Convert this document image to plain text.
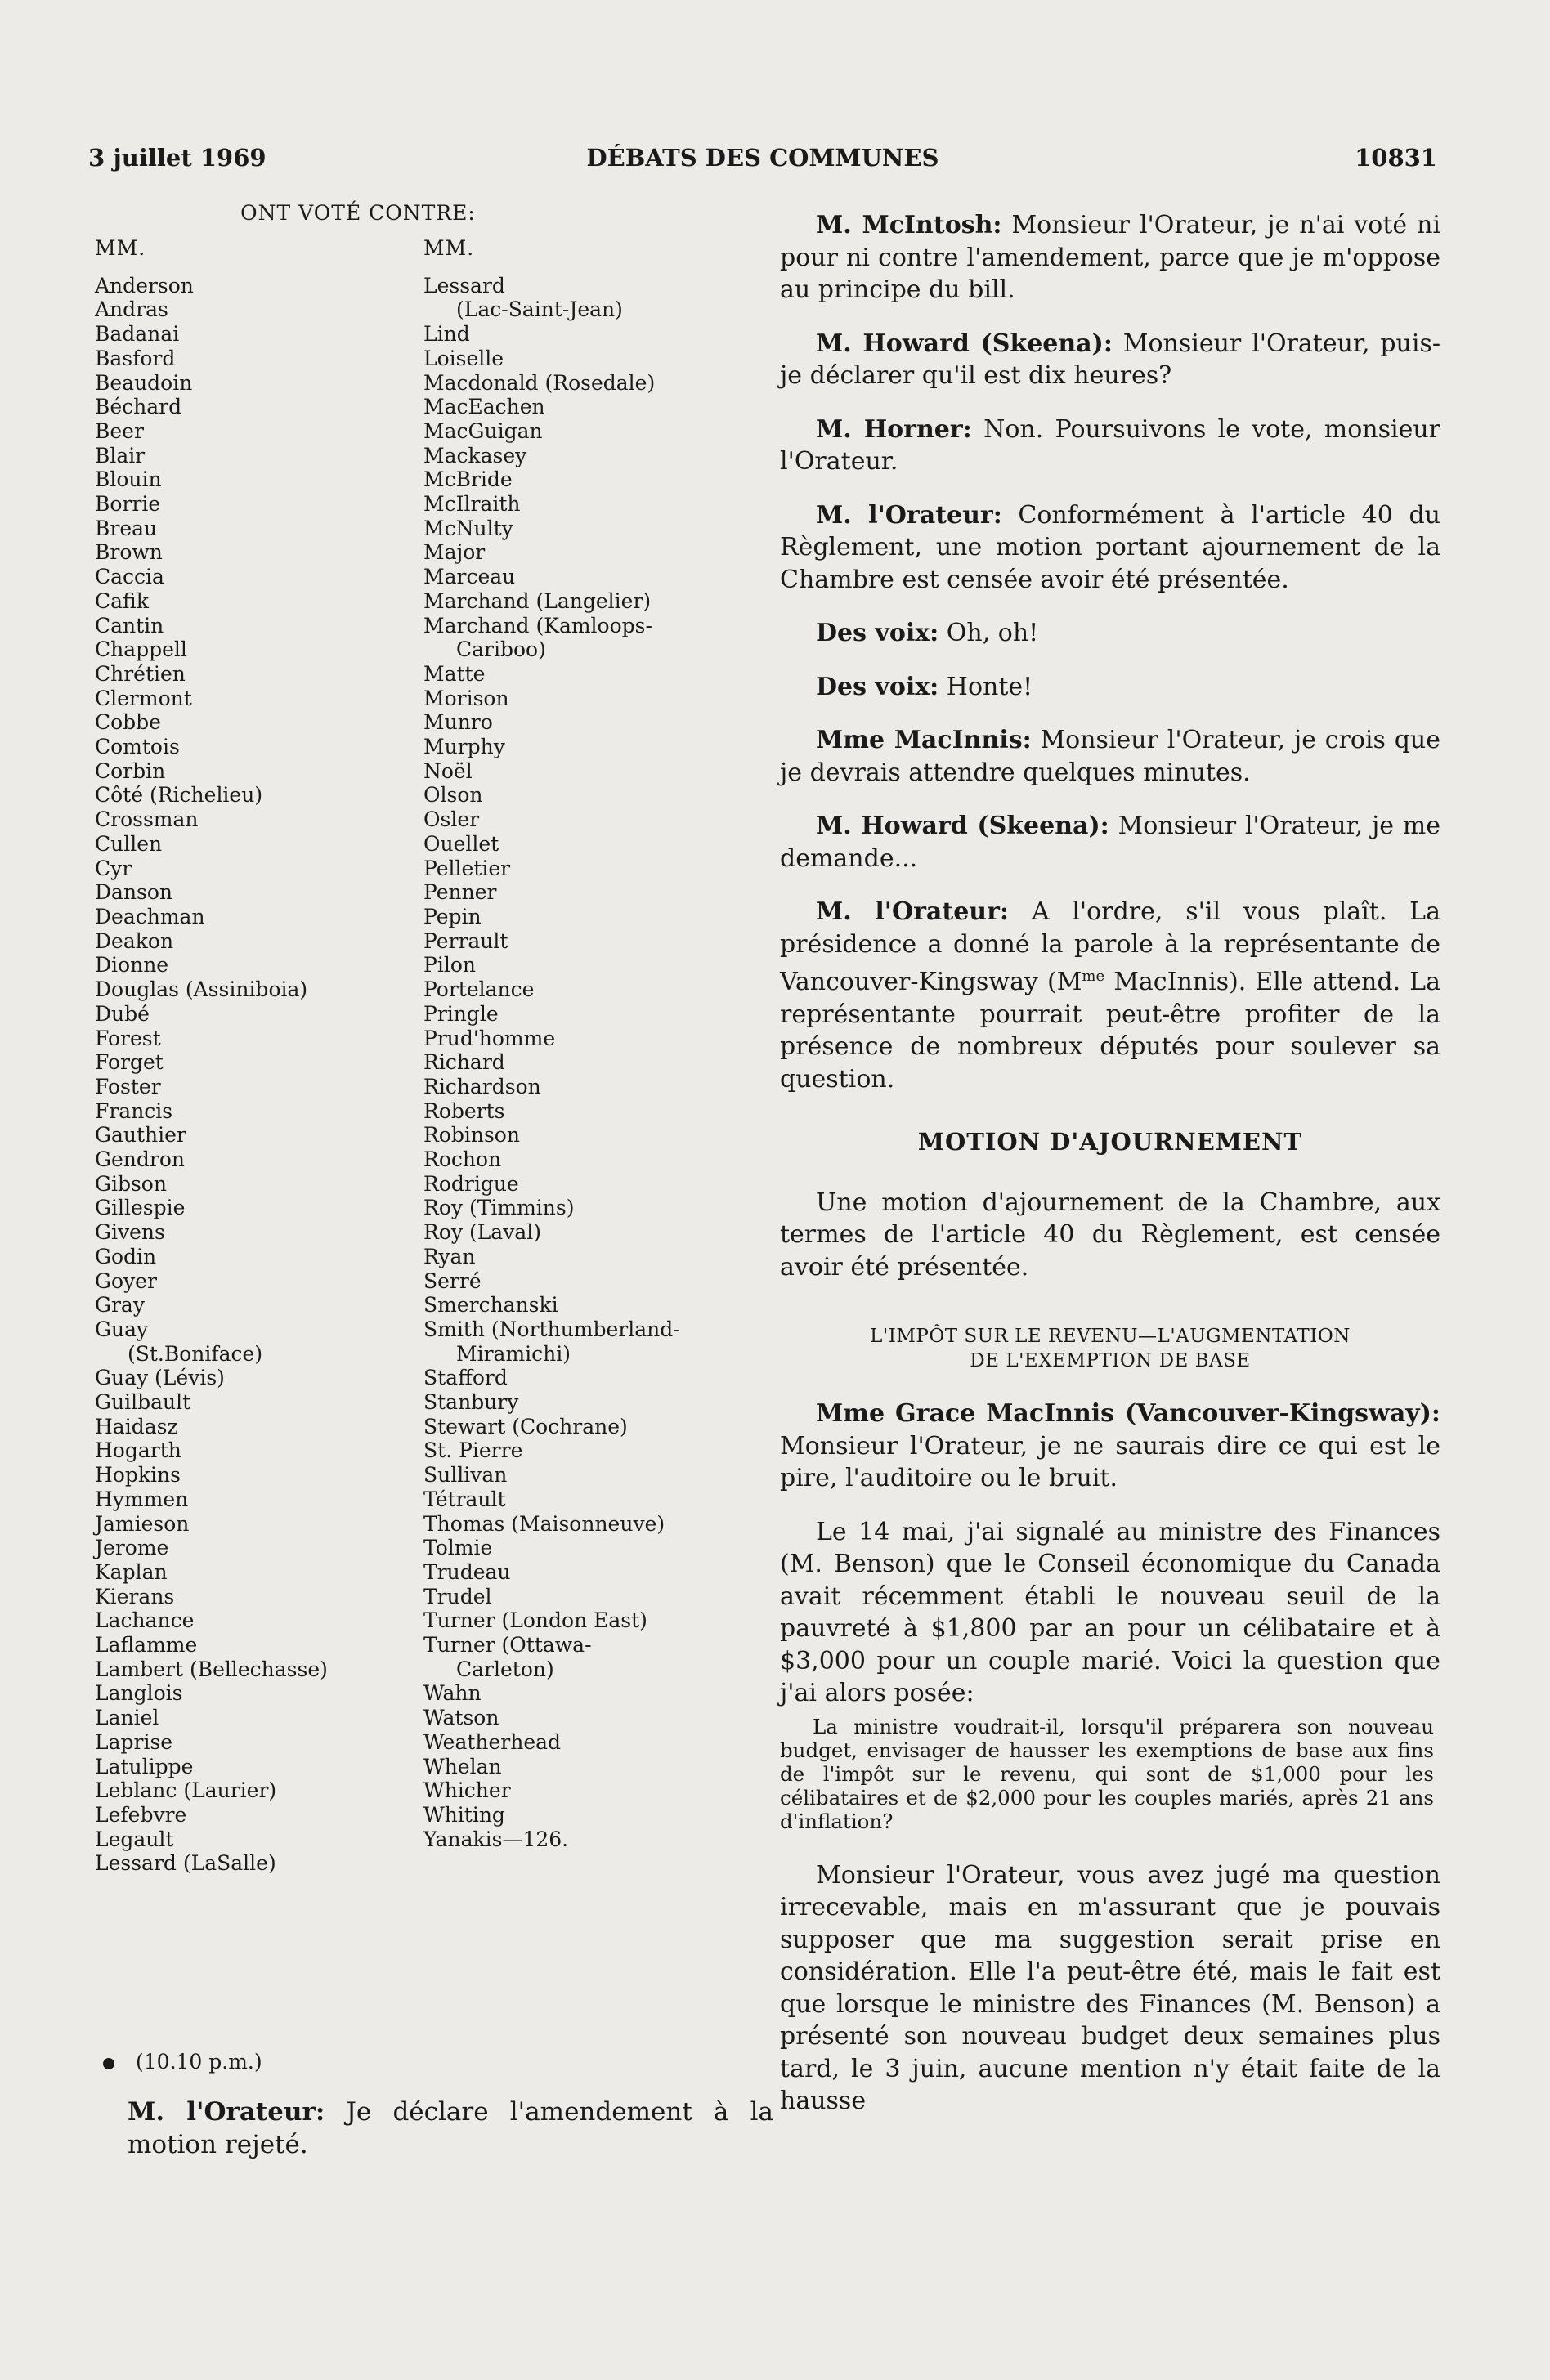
3 juillet 1969	DÉBATS DES COMMUNES	10831
ONT VOTÉ CONTRE:
MM.
Anderson
Andras
Badanai
Basford
Beaudoin
Béchard
Beer
Blair
Blouin
Borrie
Breau
Brown
Caccia
Cafik
Cantin
Chappell
Chrétien
Clermont
Cobbe
Comtois
Corbin
Côté (Richelieu)
Crossman
Cullen
Cyr
Danson
Deachman
Deakon
Dionne
Douglas (Assiniboia)
Dubé
Forest
Forget
Foster
Francis
Gauthier
Gendron
Gibson
Gillespie
Givens
Godin
Goyer
Gray
Guay
(St.Boniface)
Guay (Lévis)
Guilbault
Haidasz
Hogarth
Hopkins
Hymmen
Jamieson
Jerome
Kaplan
Kierans
Lachance
Laflamme
Lambert (Bellechasse)
Langlois
Laniel
Laprise
Latulippe
Leblanc (Laurier)
Lefebvre
Legault
Lessard (LaSalle)
MM.
Lessard
(Lac-Saint-Jean)
Lind
Loiselle
Macdonald (Rosedale)
MacEachen
MacGuigan
Mackasey
McBride
McIlraith
McNulty
Major
Marceau
Marchand (Langelier)
Marchand (Kamloops-
Cariboo)
Matte
Morison
Munro
Murphy
Noël
Olson
Osler
Ouellet
Pelletier
Penner
Pepin
Perrault
Pilon
Portelance
Pringle
Prud'homme
Richard
Richardson
Roberts
Robinson
Rochon
Rodrigue
Roy (Timmins)
Roy (Laval)
Ryan
Serré
Smerchanski
Smith (Northumberland-
Miramichi)
Stafford
Stanbury
Stewart (Cochrane)
St. Pierre
Sullivan
Tétrault
Thomas (Maisonneuve)
Tolmie
Trudeau
Trudel
Turner (London East)
Turner (Ottawa-
Carleton)
Wahn
Watson
Weatherhead
Whelan
Whicher
Whiting
Yanakis—126.
(10.10 p.m.)
M. l'Orateur: Je déclare l'amendement à la motion rejeté.

M. McIntosh: Monsieur l'Orateur, je n'ai voté ni pour ni contre l'amendement, parce que je m'oppose au principe du bill.

M. Howard (Skeena): Monsieur l'Orateur, puis-je déclarer qu'il est dix heures?

M. Horner: Non. Poursuivons le vote, monsieur l'Orateur.

M. l'Orateur: Conformément à l'article 40 du Règlement, une motion portant ajournement de la Chambre est censée avoir été présentée.

Des voix: Oh, oh!

Des voix: Honte!

Mme MacInnis: Monsieur l'Orateur, je crois que je devrais attendre quelques minutes.

M. Howard (Skeena): Monsieur l'Orateur, je me demande...

M. l'Orateur: A l'ordre, s'il vous plaît. La présidence a donné la parole à la représentante de Vancouver-Kingsway ($M^{me}$ MacInnis). Elle attend. La représentante pourrait peut-être profiter de la présence de nombreux députés pour soulever sa question.

MOTION D'AJOURNEMENT

Une motion d'ajournement de la Chambre, aux termes de l'article 40 du Règlement, est censée avoir été présentée.

L'IMPÔT SUR LE REVENU—L'AUGMENTATION
DE L'EXEMPTION DE BASE

Mme Grace MacInnis (Vancouver-Kingsway): Monsieur l'Orateur, je ne saurais dire ce qui est le pire, l'auditoire ou le bruit.

Le 14 mai, j'ai signalé au ministre des Finances (M. Benson) que le Conseil économique du Canada avait récemment établi le nouveau seuil de la pauvreté à $1,800 par an pour un célibataire et à $3,000 pour un couple marié. Voici la question que j'ai alors posée:

La ministre voudrait-il, lorsqu'il préparera son nouveau budget, envisager de hausser les exemptions de base aux fins de l'impôt sur le revenu, qui sont de $1,000 pour les célibataires et de $2,000 pour les couples mariés, après 21 ans d'inflation?

Monsieur l'Orateur, vous avez jugé ma question irrecevable, mais en m'assurant que je pouvais supposer que ma suggestion serait prise en considération. Elle l'a peut-être été, mais le fait est que lorsque le ministre des Finances (M. Benson) a présenté son nouveau budget deux semaines plus tard, le 3 juin, aucune mention n'y était faite de la hausse
